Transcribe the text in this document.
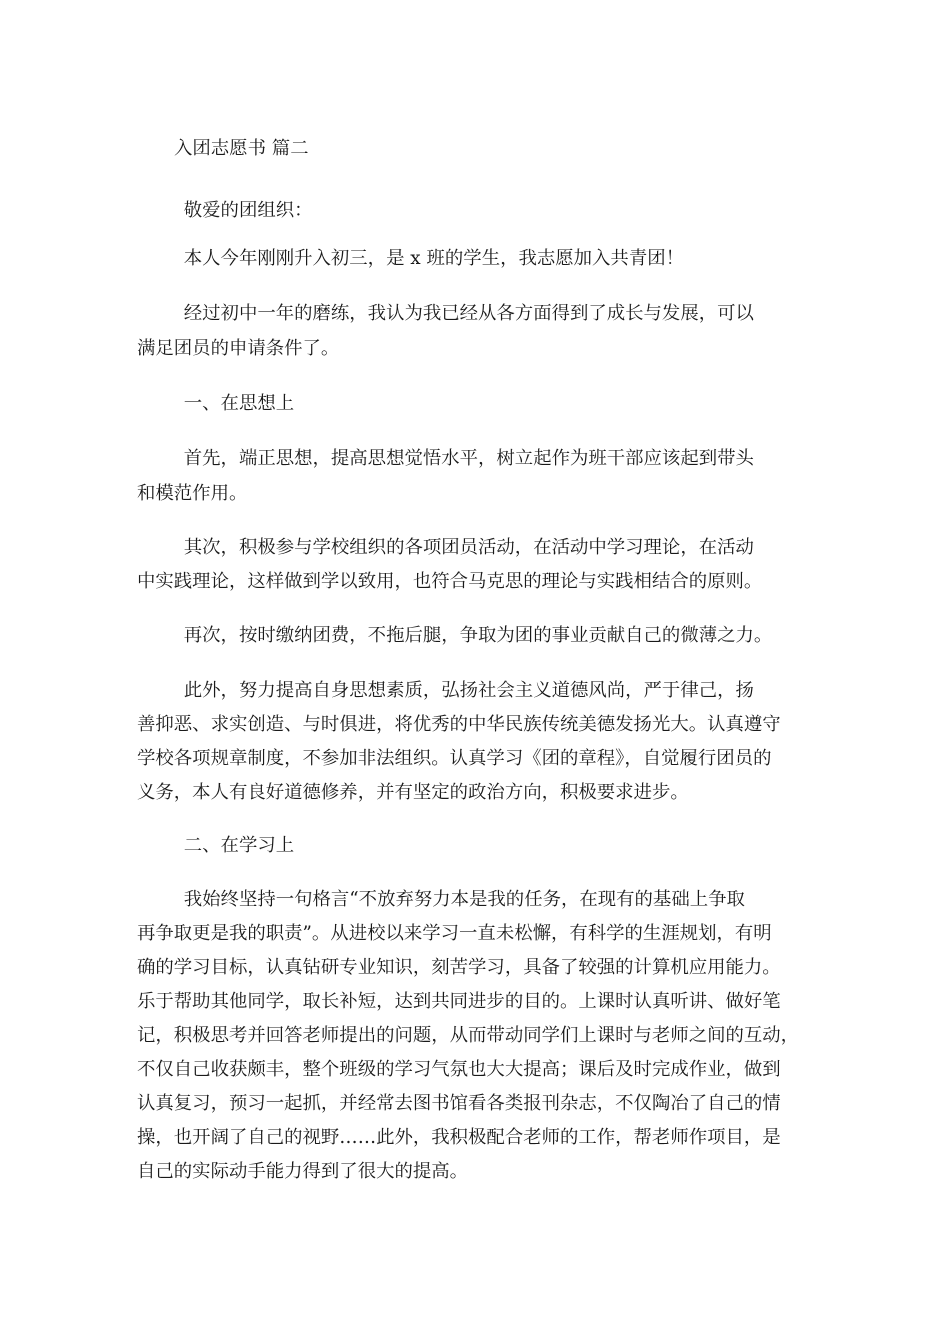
入团志愿书 篇二

敬爱的团组织：

本人今年刚刚升入初三，是 x 班的学生，我志愿加入共青团！

经过初中一年的磨练，我认为我已经从各方面得到了成长与发展，可以

满足团员的申请条件了。

一、在思想上

首先，端正思想，提高思想觉悟水平，树立起作为班干部应该起到带头

和模范作用。

其次，积极参与学校组织的各项团员活动，在活动中学习理论，在活动

中实践理论，这样做到学以致用，也符合马克思的理论与实践相结合的原则。

再次，按时缴纳团费，不拖后腿，争取为团的事业贡献自己的微薄之力。

此外，努力提高自身思想素质，弘扬社会主义道德风尚，严于律己，扬

善抑恶、求实创造、与时俱进，将优秀的中华民族传统美德发扬光大。认真遵守

学校各项规章制度，不参加非法组织。认真学习《团的章程》，自觉履行团员的

义务，本人有良好道德修养，并有坚定的政治方向，积极要求进步。

二、在学习上

我始终坚持一句格言“不放弃努力本是我的任务，在现有的基础上争取

再争取更是我的职责”。从进校以来学习一直未松懈，有科学的生涯规划，有明

确的学习目标，认真钻研专业知识，刻苦学习，具备了较强的计算机应用能力。

乐于帮助其他同学，取长补短，达到共同进步的目的。上课时认真听讲、做好笔

记，积极思考并回答老师提出的问题，从而带动同学们上课时与老师之间的互动，

不仅自己收获颇丰，整个班级的学习气氛也大大提高；课后及时完成作业，做到

认真复习，预习一起抓，并经常去图书馆看各类报刊杂志，不仅陶冶了自己的情

操，也开阔了自己的视野……此外，我积极配合老师的工作，帮老师作项目，是

自己的实际动手能力得到了很大的提高。
